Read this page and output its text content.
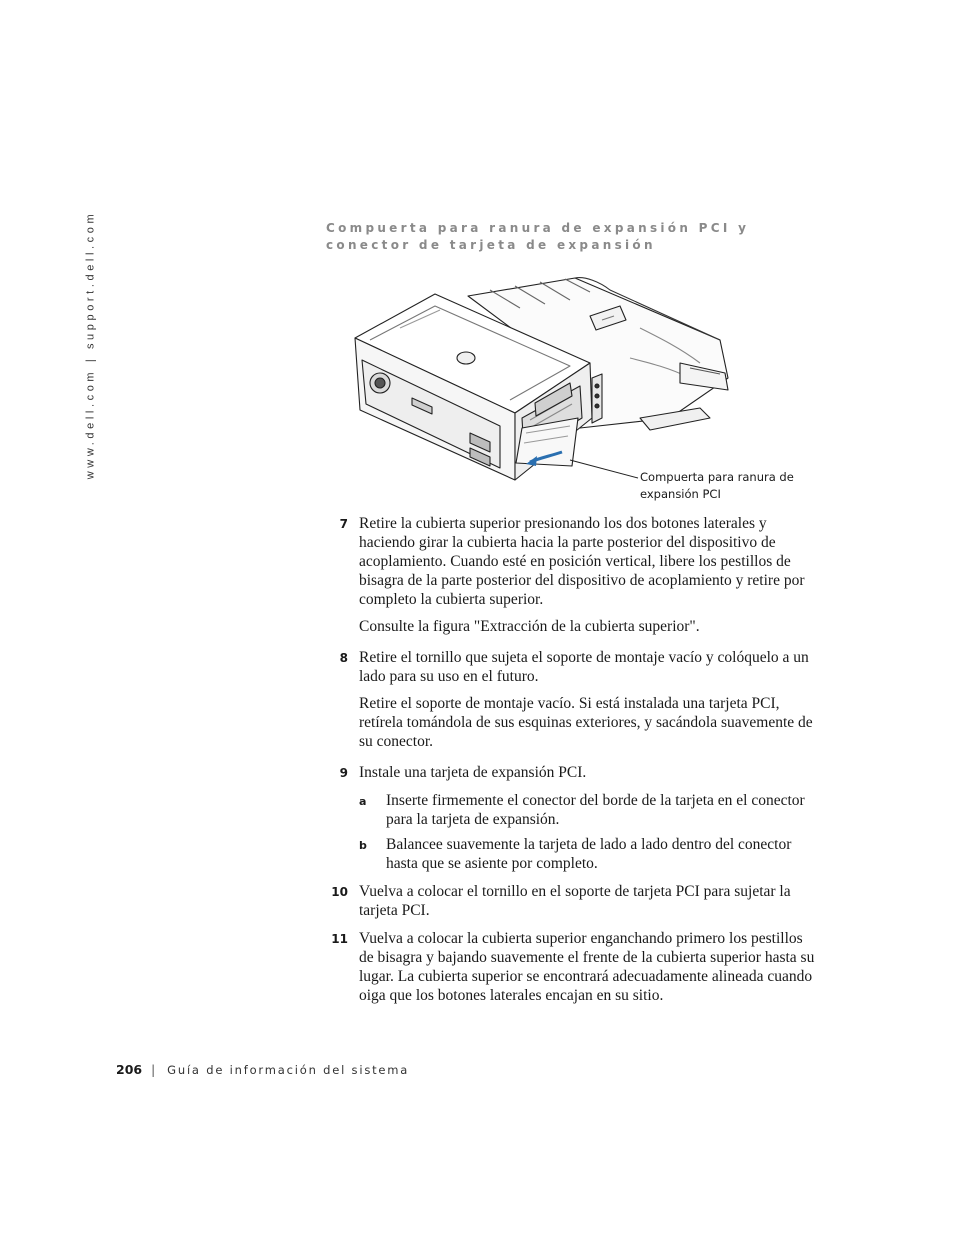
www.dell.com | support.dell.com	Compuerta para ranura de expansión PCI y conector de tarjeta de expansión
Compuerta para ranura de expansión PCI
7 Retire la cubierta superior presionando los dos botones laterales y haciendo girar la cubierta hacia la parte posterior del dispositivo de acoplamiento. Cuando esté en posición vertical, libere los pestillos de bisagra de la parte posterior del dispositivo de acoplamiento y retire por completo la cubierta superior.
Consulte la figura "Extracción de la cubierta superior".
8 Retire el tornillo que sujeta el soporte de montaje vacío y colóquelo a un lado para su uso en el futuro.
Retire el soporte de montaje vacío. Si está instalada una tarjeta PCI, retírela tomándola de sus esquinas exteriores, y sacándola suavemente de su conector.
9 Instale una tarjeta de expansión PCI.
a Inserte firmemente el conector del borde de la tarjeta en el conector para la tarjeta de expansión.
b Balancee suavemente la tarjeta de lado a lado dentro del conector hasta que se asiente por completo.
10 Vuelva a colocar el tornillo en el soporte de tarjeta PCI para sujetar la tarjeta PCI.
11 Vuelva a colocar la cubierta superior enganchando primero los pestillos de bisagra y bajando suavemente el frente de la cubierta superior hasta su lugar. La cubierta superior se encontrará adecuadamente alineada cuando oiga que los botones laterales encajan en su sitio.
206 | Guía de información del sistema
